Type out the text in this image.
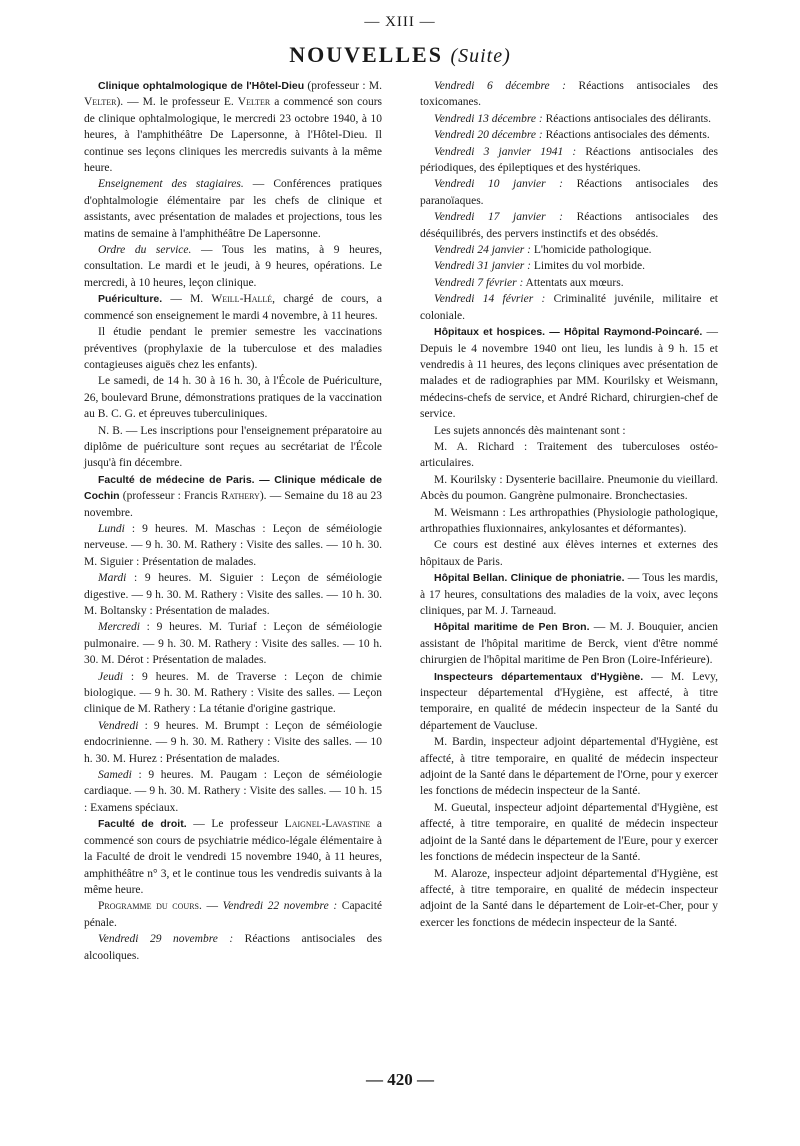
— XIII —
NOUVELLES (Suite)

Clinique ophtalmologique de l'Hôtel-Dieu (professeur : M. Velter). — M. le professeur E. Velter a commencé son cours de clinique ophtalmologique, le mercredi 23 octobre 1940, à 10 heures, à l'amphithéâtre De Lapersonne, à l'Hôtel-Dieu. Il continue ses leçons cliniques les mercredis suivants à la même heure.

Enseignement des stagiaires. — Conférences pratiques d'ophtalmologie élémentaire par les chefs de clinique et assistants, avec présentation de malades et projections, tous les matins de semaine à l'amphithéâtre De Lapersonne.

Ordre du service. — Tous les matins, à 9 heures, consultation. Le mardi et le jeudi, à 9 heures, opérations. Le mercredi, à 10 heures, leçon clinique.

Puériculture. — M. Weill-Hallé, chargé de cours, a commencé son enseignement le mardi 4 novembre, à 11 heures.

Il étudie pendant le premier semestre les vaccinations préventives (prophylaxie de la tuberculose et des maladies contagieuses aiguës chez les enfants).

Le samedi, de 14 h. 30 à 16 h. 30, à l'École de Puériculture, 26, boulevard Brune, démonstrations pratiques de la vaccination au B. C. G. et épreuves tuberculiniques.

N. B. — Les inscriptions pour l'enseignement préparatoire au diplôme de puériculture sont reçues au secrétariat de l'École jusqu'à fin décembre.

Faculté de médecine de Paris. — Clinique médicale de Cochin (professeur : Francis Rathery). — Semaine du 18 au 23 novembre.

Lundi : 9 heures. M. Maschas : Leçon de séméiologie nerveuse. — 9 h. 30. M. Rathery : Visite des salles. — 10 h. 30. M. Siguier : Présentation de malades.

Mardi : 9 heures. M. Siguier : Leçon de séméiologie digestive. — 9 h. 30. M. Rathery : Visite des salles. — 10 h. 30. M. Boltansky : Présentation de malades.

Mercredi : 9 heures. M. Turiaf : Leçon de séméiologie pulmonaire. — 9 h. 30. M. Rathery : Visite des salles. — 10 h. 30. M. Dérot : Présentation de malades.

Jeudi : 9 heures. M. de Traverse : Leçon de chimie biologique. — 9 h. 30. M. Rathery : Visite des salles. — Leçon clinique de M. Rathery : La tétanie d'origine gastrique.

Vendredi : 9 heures. M. Brumpt : Leçon de séméiologie endocrinienne. — 9 h. 30. M. Rathery : Visite des salles. — 10 h. 30. M. Hurez : Présentation de malades.

Samedi : 9 heures. M. Paugam : Leçon de séméiologie cardiaque. — 9 h. 30. M. Rathery : Visite des salles. — 10 h. 15 : Examens spéciaux.

Faculté de droit. — Le professeur Laignel-Lavastine a commencé son cours de psychiatrie médico-légale élémentaire à la Faculté de droit le vendredi 15 novembre 1940, à 11 heures, amphithéâtre n° 3, et le continue tous les vendredis suivants à la même heure.

Programme du cours. — Vendredi 22 novembre : Capacité pénale.

Vendredi 29 novembre : Réactions antisociales des alcooliques.

Vendredi 6 décembre : Réactions antisociales des toxicomanes.

Vendredi 13 décembre : Réactions antisociales des délirants.

Vendredi 20 décembre : Réactions antisociales des déments.

Vendredi 3 janvier 1941 : Réactions antisociales des périodiques, des épileptiques et des hystériques.

Vendredi 10 janvier : Réactions antisociales des paranoïaques.

Vendredi 17 janvier : Réactions antisociales des déséquilibrés, des pervers instinctifs et des obsédés.

Vendredi 24 janvier : L'homicide pathologique.

Vendredi 31 janvier : Limites du vol morbide.

Vendredi 7 février : Attentats aux mœurs.

Vendredi 14 février : Criminalité juvénile, militaire et coloniale.

Hôpitaux et hospices. — Hôpital Raymond-Poincaré. — Depuis le 4 novembre 1940 ont lieu, les lundis à 9 h. 15 et vendredis à 11 heures, des leçons cliniques avec présentation de malades et de radiographies par MM. Kourilsky et Weismann, médecins-chefs de service, et André Richard, chirurgien-chef de service.

Les sujets annoncés dès maintenant sont :

M. A. Richard : Traitement des tuberculoses ostéo-articulaires.

M. Kourilsky : Dysenterie bacillaire. Pneumonie du vieillard. Abcès du poumon. Gangrène pulmonaire. Bronchectasies.

M. Weismann : Les arthropathies (Physiologie pathologique, arthropathies fluxionnaires, ankylosantes et déformantes).

Ce cours est destiné aux élèves internes et externes des hôpitaux de Paris.

Hôpital Bellan. Clinique de phoniatrie. — Tous les mardis, à 17 heures, consultations des maladies de la voix, avec leçons cliniques, par M. J. Tarneaud.

Hôpital maritime de Pen Bron. — M. J. Bouquier, ancien assistant de l'hôpital maritime de Berck, vient d'être nommé chirurgien de l'hôpital maritime de Pen Bron (Loire-Inférieure).

Inspecteurs départementaux d'Hygiène. — M. Levy, inspecteur départemental d'Hygiène, est affecté, à titre temporaire, en qualité de médecin inspecteur de la Santé du département de Vaucluse.

M. Bardin, inspecteur adjoint départemental d'Hygiène, est affecté, à titre temporaire, en qualité de médecin inspecteur adjoint de la Santé dans le département de l'Orne, pour y exercer les fonctions de médecin inspecteur de la Santé.

M. Gueutal, inspecteur adjoint départemental d'Hygiène, est affecté, à titre temporaire, en qualité de médecin inspecteur adjoint de la Santé dans le département de l'Eure, pour y exercer les fonctions de médecin inspecteur de la Santé.

M. Alaroze, inspecteur adjoint départemental d'Hygiène, est affecté, à titre temporaire, en qualité de médecin inspecteur adjoint de la Santé dans le département de Loir-et-Cher, pour y exercer les fonctions de médecin inspecteur de la Santé.

— 420 —
